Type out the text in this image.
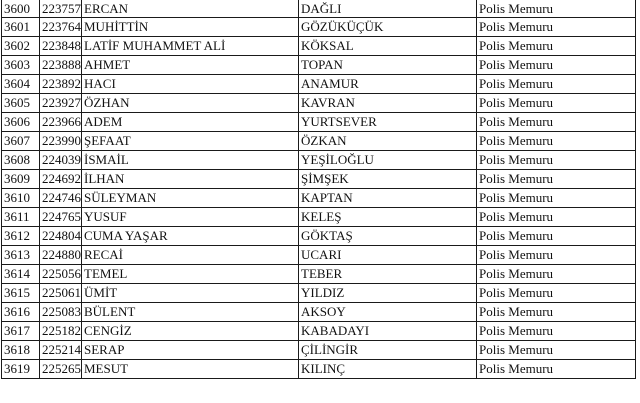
3600	223757	ERCAN	DAĞLI	Polis Memuru
3601	223764	MUHİTTİN	GÖZÜKÜÇÜK	Polis Memuru
3602	223848	LATİF MUHAMMET ALİ	KÖKSAL	Polis Memuru
3603	223888	AHMET	TOPAN	Polis Memuru
3604	223892	HACI	ANAMUR	Polis Memuru
3605	223927	ÖZHAN	KAVRAN	Polis Memuru
3606	223966	ADEM	YURTSEVER	Polis Memuru
3607	223990	ŞEFAAT	ÖZKAN	Polis Memuru
3608	224039	İSMAİL	YEŞİLOĞLU	Polis Memuru
3609	224692	İLHAN	ŞİMŞEK	Polis Memuru
3610	224746	SÜLEYMAN	KAPTAN	Polis Memuru
3611	224765	YUSUF	KELEŞ	Polis Memuru
3612	224804	CUMA YAŞAR	GÖKTAŞ	Polis Memuru
3613	224880	RECAİ	UCARI	Polis Memuru
3614	225056	TEMEL	TEBER	Polis Memuru
3615	225061	ÜMİT	YILDIZ	Polis Memuru
3616	225083	BÜLENT	AKSOY	Polis Memuru
3617	225182	CENGİZ	KABADAYI	Polis Memuru
3618	225214	SERAP	ÇİLİNGİR	Polis Memuru
3619	225265	MESUT	KILINÇ	Polis Memuru
